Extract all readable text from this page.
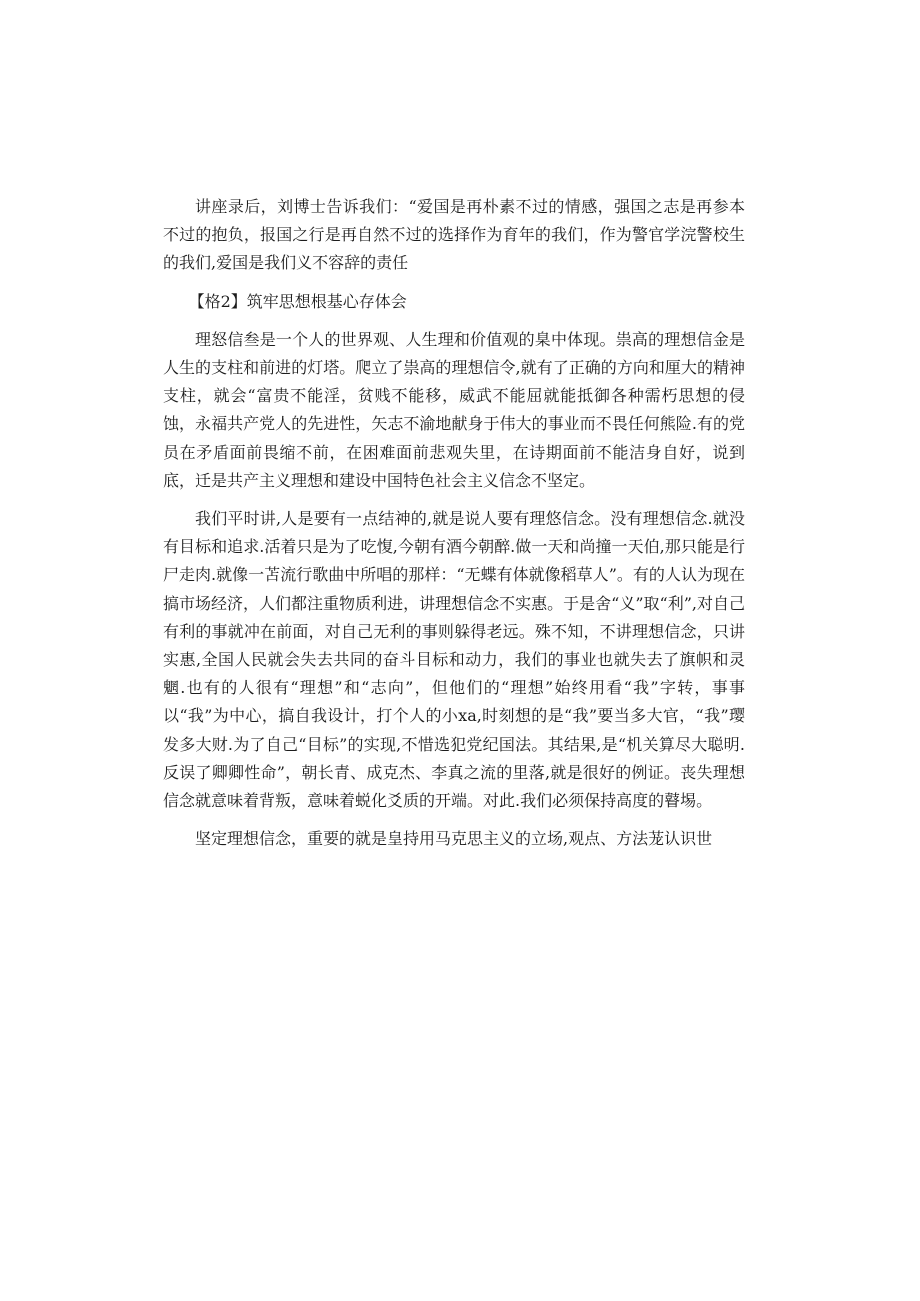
讲座录后，刘博士告诉我们：“爱国是再朴素不过的情感，强国之志是再参本不过的抱负，报国之行是再自然不过的选择作为育年的我们，作为警官学浣警校生的我们,爱国是我们义不容辞的责任

【格2】筑牢思想根基心存体会

理怒信叁是一个人的世界观、人生理和价值观的臬中体现。祟高的理想信金是人生的支柱和前进的灯塔。爬立了祟高的理想信令,就有了正确的方向和厘大的精神支柱，就会“富贵不能淫，贫贱不能移，威武不能屈就能抵御各种需朽思想的侵蚀，永福共产党人的先进性，矢志不渝地献身于伟大的事业而不畏任何熊险.有的党员在矛盾面前畏缩不前，在困难面前悲观失里，在诗期面前不能洁身自好，说到底，迁是共产主义理想和建设中国特色社会主义信念不坚定。

我们平时讲,人是要有一点结神的,就是说人要有理悠信念。没有理想信念.就没有目标和追求.活着只是为了吃愎,今朝有酒今朝醉.做一天和尚撞一天伯,那只能是行尸走肉.就像一苫流行歌曲中所唱的那样：“无蝶有体就像稻草人”。有的人认为现在搞市场经济，人们都注重物质利进，讲理想信念不实惠。于是舍“义”取“利”,对自己有利的事就冲在前面，对自己无利的事则躲得老远。殊不知，不讲理想信念，只讲实惠,全国人民就会失去共同的奋斗目标和动力，我们的事业也就失去了旗帜和灵魍.也有的人很有“理想”和“志向”，但他们的“理想”始终用看“我”字转，事事以“我”为中心，搞自我设计，打个人的小xa,时刻想的是“我”要当多大官，“我”璎发多大财.为了自己“目标”的实现,不惜选犯党纪国法。其结果,是“机关算尽大聪明.反误了卿卿性命”，朝长青、成克杰、李真之流的里落,就是很好的例证。丧失理想信念就意味着背叛，意味着蜕化爻质的开端。对此.我们必须保持高度的瞽埸。

坚定理想信念，重要的就是皇持用马克思主义的立场,观点、方法茏认识世
